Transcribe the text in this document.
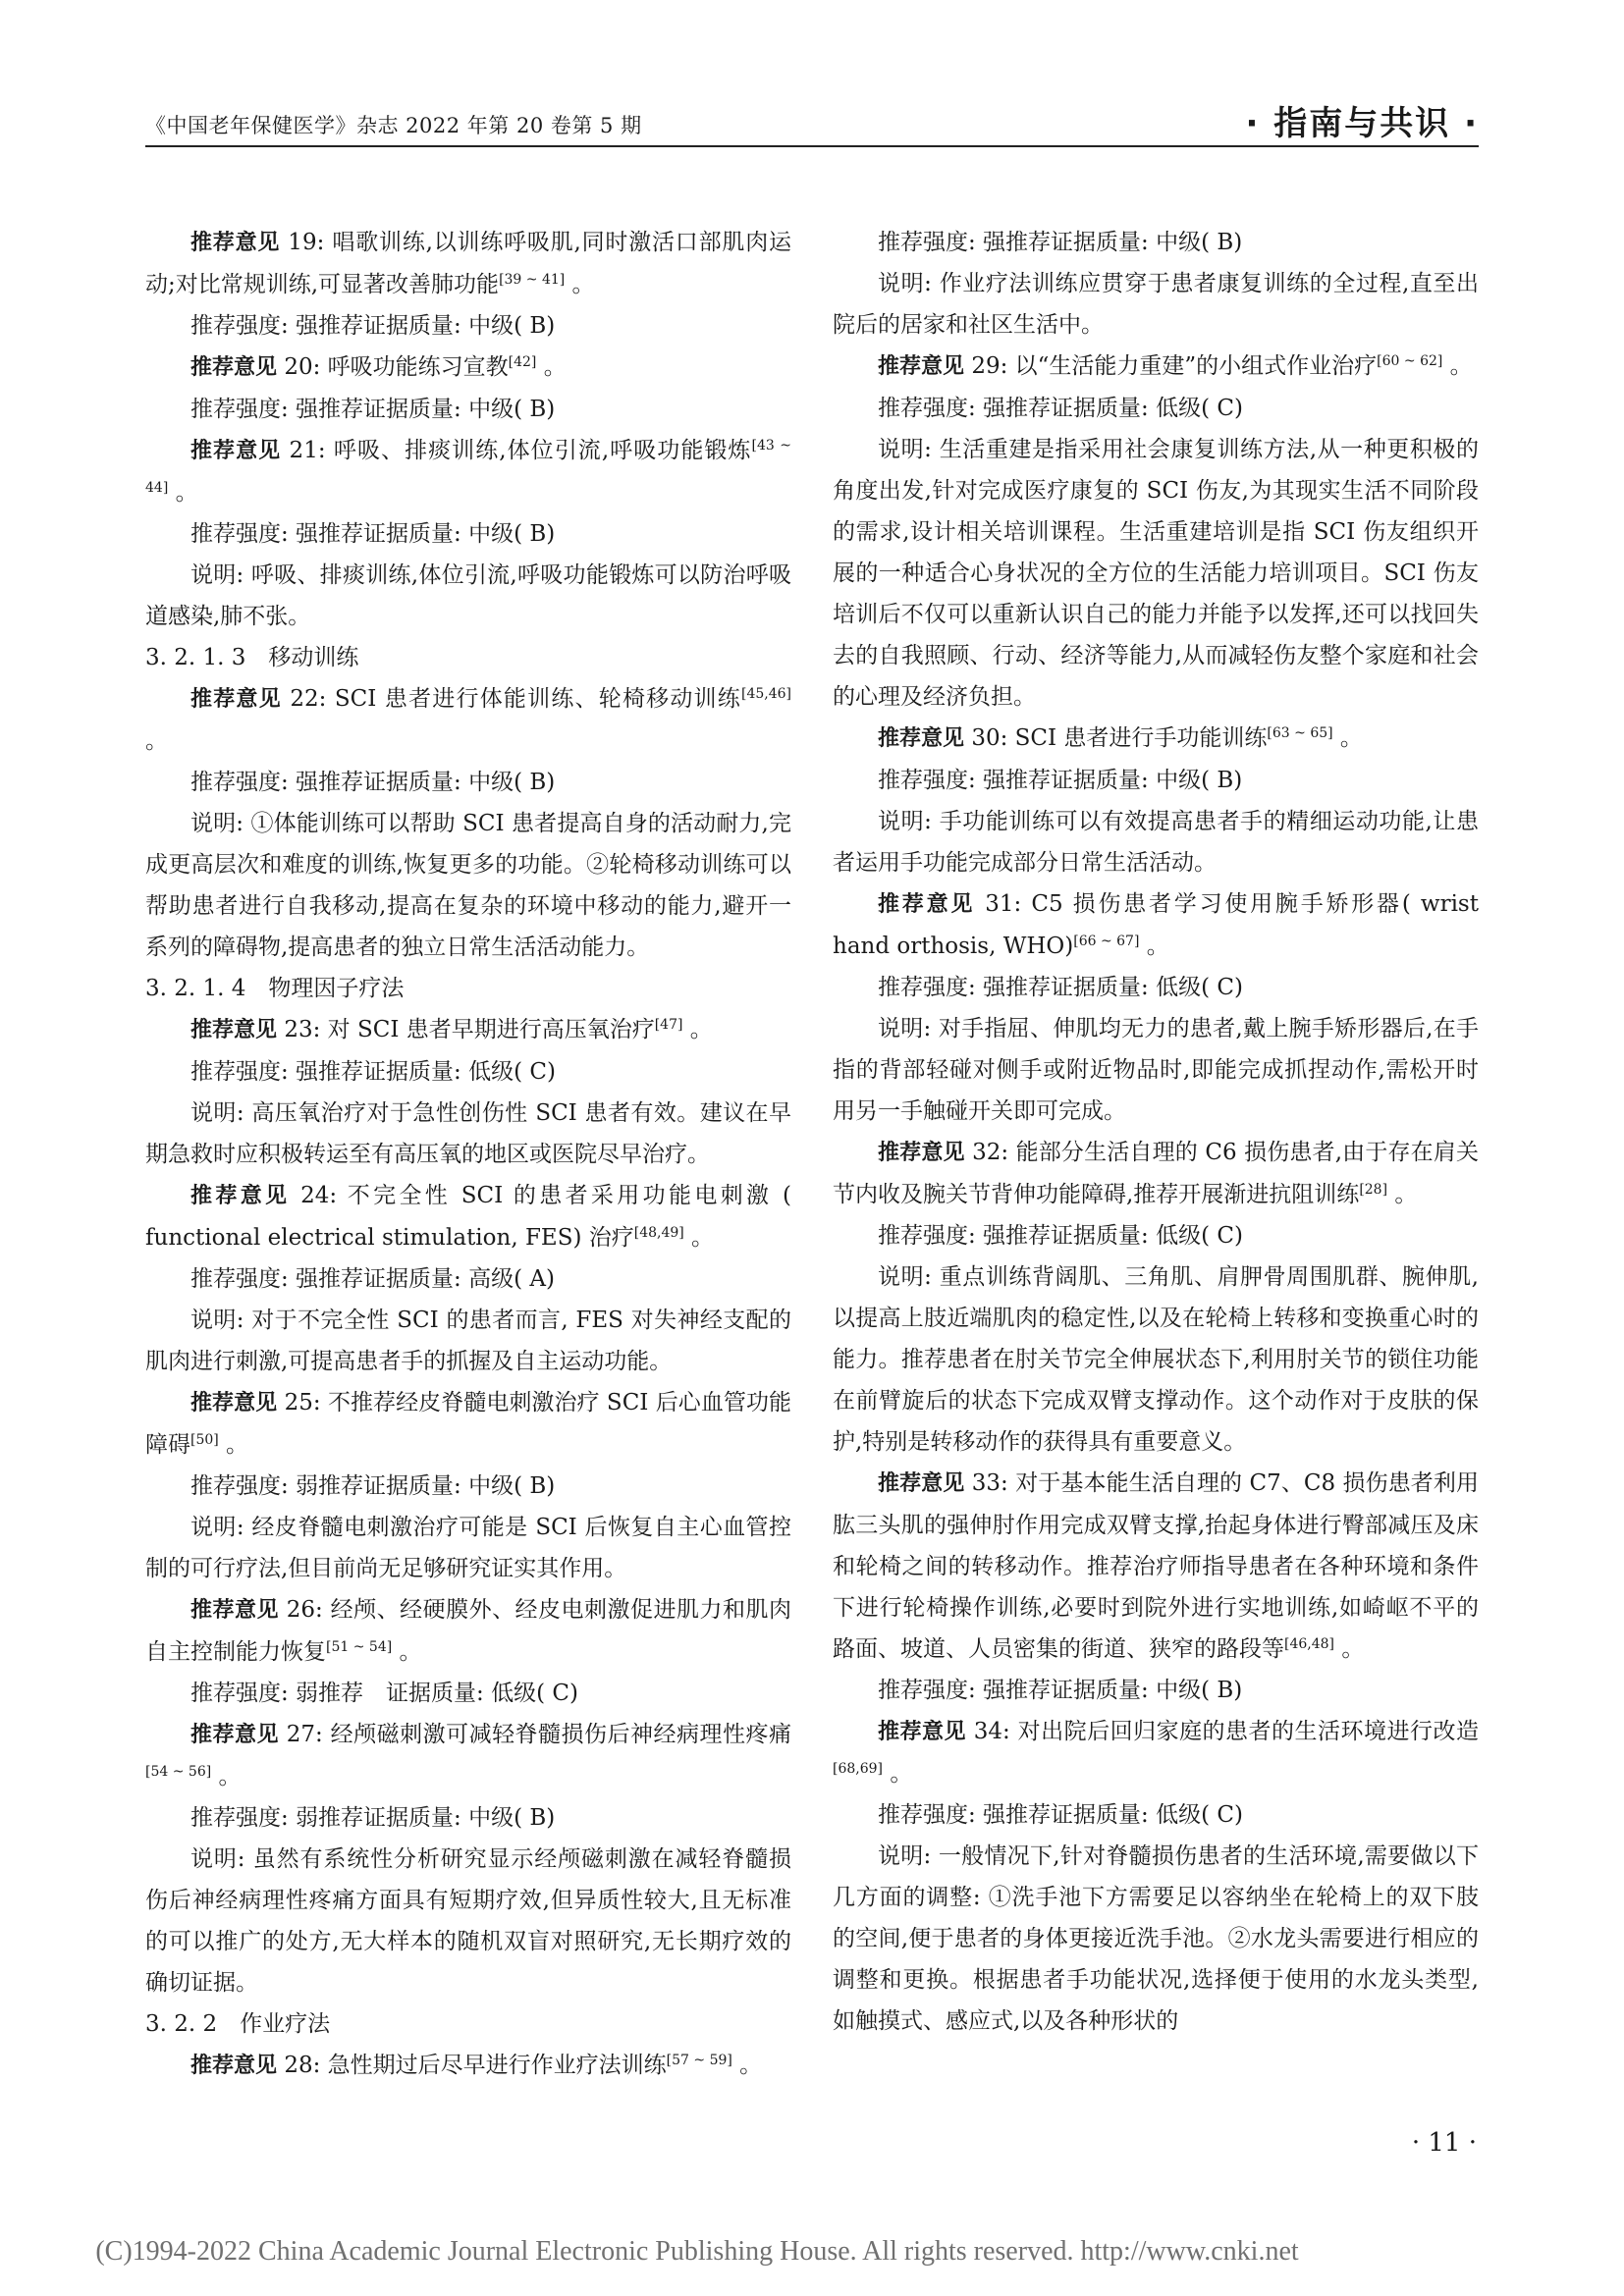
《中国老年保健医学》杂志 2022 年第 20 卷第 5 期	· 指南与共识 ·

推荐意见 19: 唱歌训练,以训练呼吸肌,同时激活口部肌肉运动;对比常规训练,可显著改善肺功能[39 ~ 41] 。

推荐强度: 强推荐证据质量: 中级( B)

推荐意见 20: 呼吸功能练习宣教[42] 。

推荐强度: 强推荐证据质量: 中级( B)

推荐意见 21: 呼吸、排痰训练,体位引流,呼吸功能锻炼[43 ~ 44] 。

推荐强度: 强推荐证据质量: 中级( B)

说明: 呼吸、排痰训练,体位引流,呼吸功能锻炼可以防治呼吸道感染,肺不张。

3. 2. 1. 3　移动训练

推荐意见 22: SCI 患者进行体能训练、轮椅移动训练[45,46] 。

推荐强度: 强推荐证据质量: 中级( B)

说明: ①体能训练可以帮助 SCI 患者提高自身的活动耐力,完成更高层次和难度的训练,恢复更多的功能。②轮椅移动训练可以帮助患者进行自我移动,提高在复杂的环境中移动的能力,避开一系列的障碍物,提高患者的独立日常生活活动能力。

3. 2. 1. 4　物理因子疗法

推荐意见 23: 对 SCI 患者早期进行高压氧治疗[47] 。

推荐强度: 强推荐证据质量: 低级( C)

说明: 高压氧治疗对于急性创伤性 SCI 患者有效。建议在早期急救时应积极转运至有高压氧的地区或医院尽早治疗。

推荐意见 24: 不完全性 SCI 的患者采用功能电刺激 ( functional electrical stimulation, FES) 治疗[48,49] 。

推荐强度: 强推荐证据质量: 高级( A)

说明: 对于不完全性 SCI 的患者而言, FES 对失神经支配的肌肉进行刺激,可提高患者手的抓握及自主运动功能。

推荐意见 25: 不推荐经皮脊髓电刺激治疗 SCI 后心血管功能障碍[50] 。

推荐强度: 弱推荐证据质量: 中级( B)

说明: 经皮脊髓电刺激治疗可能是 SCI 后恢复自主心血管控制的可行疗法,但目前尚无足够研究证实其作用。

推荐意见 26: 经颅、经硬膜外、经皮电刺激促进肌力和肌肉自主控制能力恢复[51 ~ 54] 。

推荐强度: 弱推荐　证据质量: 低级( C)

推荐意见 27: 经颅磁刺激可减轻脊髓损伤后神经病理性疼痛[54 ~ 56] 。

推荐强度: 弱推荐证据质量: 中级( B)

说明: 虽然有系统性分析研究显示经颅磁刺激在减轻脊髓损伤后神经病理性疼痛方面具有短期疗效,但异质性较大,且无标准的可以推广的处方,无大样本的随机双盲对照研究,无长期疗效的确切证据。

3. 2. 2　作业疗法

推荐意见 28: 急性期过后尽早进行作业疗法训练[57 ~ 59] 。

推荐强度: 强推荐证据质量: 中级( B)

说明: 作业疗法训练应贯穿于患者康复训练的全过程,直至出院后的居家和社区生活中。

推荐意见 29: 以“生活能力重建”的小组式作业治疗[60 ~ 62] 。

推荐强度: 强推荐证据质量: 低级( C)

说明: 生活重建是指采用社会康复训练方法,从一种更积极的角度出发,针对完成医疗康复的 SCI 伤友,为其现实生活不同阶段的需求,设计相关培训课程。生活重建培训是指 SCI 伤友组织开展的一种适合心身状况的全方位的生活能力培训项目。SCI 伤友培训后不仅可以重新认识自己的能力并能予以发挥,还可以找回失去的自我照顾、行动、经济等能力,从而减轻伤友整个家庭和社会的心理及经济负担。

推荐意见 30: SCI 患者进行手功能训练[63 ~ 65] 。

推荐强度: 强推荐证据质量: 中级( B)

说明: 手功能训练可以有效提高患者手的精细运动功能,让患者运用手功能完成部分日常生活活动。

推荐意见 31: C5 损伤患者学习使用腕手矫形器( wrist hand orthosis, WHO)[66 ~ 67] 。

推荐强度: 强推荐证据质量: 低级( C)

说明: 对手指屈、伸肌均无力的患者,戴上腕手矫形器后,在手指的背部轻碰对侧手或附近物品时,即能完成抓捏动作,需松开时用另一手触碰开关即可完成。

推荐意见 32: 能部分生活自理的 C6 损伤患者,由于存在肩关节内收及腕关节背伸功能障碍,推荐开展渐进抗阻训练[28] 。

推荐强度: 强推荐证据质量: 低级( C)

说明: 重点训练背阔肌、三角肌、肩胛骨周围肌群、腕伸肌,以提高上肢近端肌肉的稳定性,以及在轮椅上转移和变换重心时的能力。推荐患者在肘关节完全伸展状态下,利用肘关节的锁住功能在前臂旋后的状态下完成双臂支撑动作。这个动作对于皮肤的保护,特别是转移动作的获得具有重要意义。

推荐意见 33: 对于基本能生活自理的 C7、C8 损伤患者利用肱三头肌的强伸肘作用完成双臂支撑,抬起身体进行臀部减压及床和轮椅之间的转移动作。推荐治疗师指导患者在各种环境和条件下进行轮椅操作训练,必要时到院外进行实地训练,如崎岖不平的路面、坡道、人员密集的街道、狭窄的路段等[46,48] 。

推荐强度: 强推荐证据质量: 中级( B)

推荐意见 34: 对出院后回归家庭的患者的生活环境进行改造[68,69] 。

推荐强度: 强推荐证据质量: 低级( C)

说明: 一般情况下,针对脊髓损伤患者的生活环境,需要做以下几方面的调整: ①洗手池下方需要足以容纳坐在轮椅上的双下肢的空间,便于患者的身体更接近洗手池。②水龙头需要进行相应的调整和更换。根据患者手功能状况,选择便于使用的水龙头类型,如触摸式、感应式,以及各种形状的

· 11 ·
(C)1994-2022 China Academic Journal Electronic Publishing House. All rights reserved. http://www.cnki.net
